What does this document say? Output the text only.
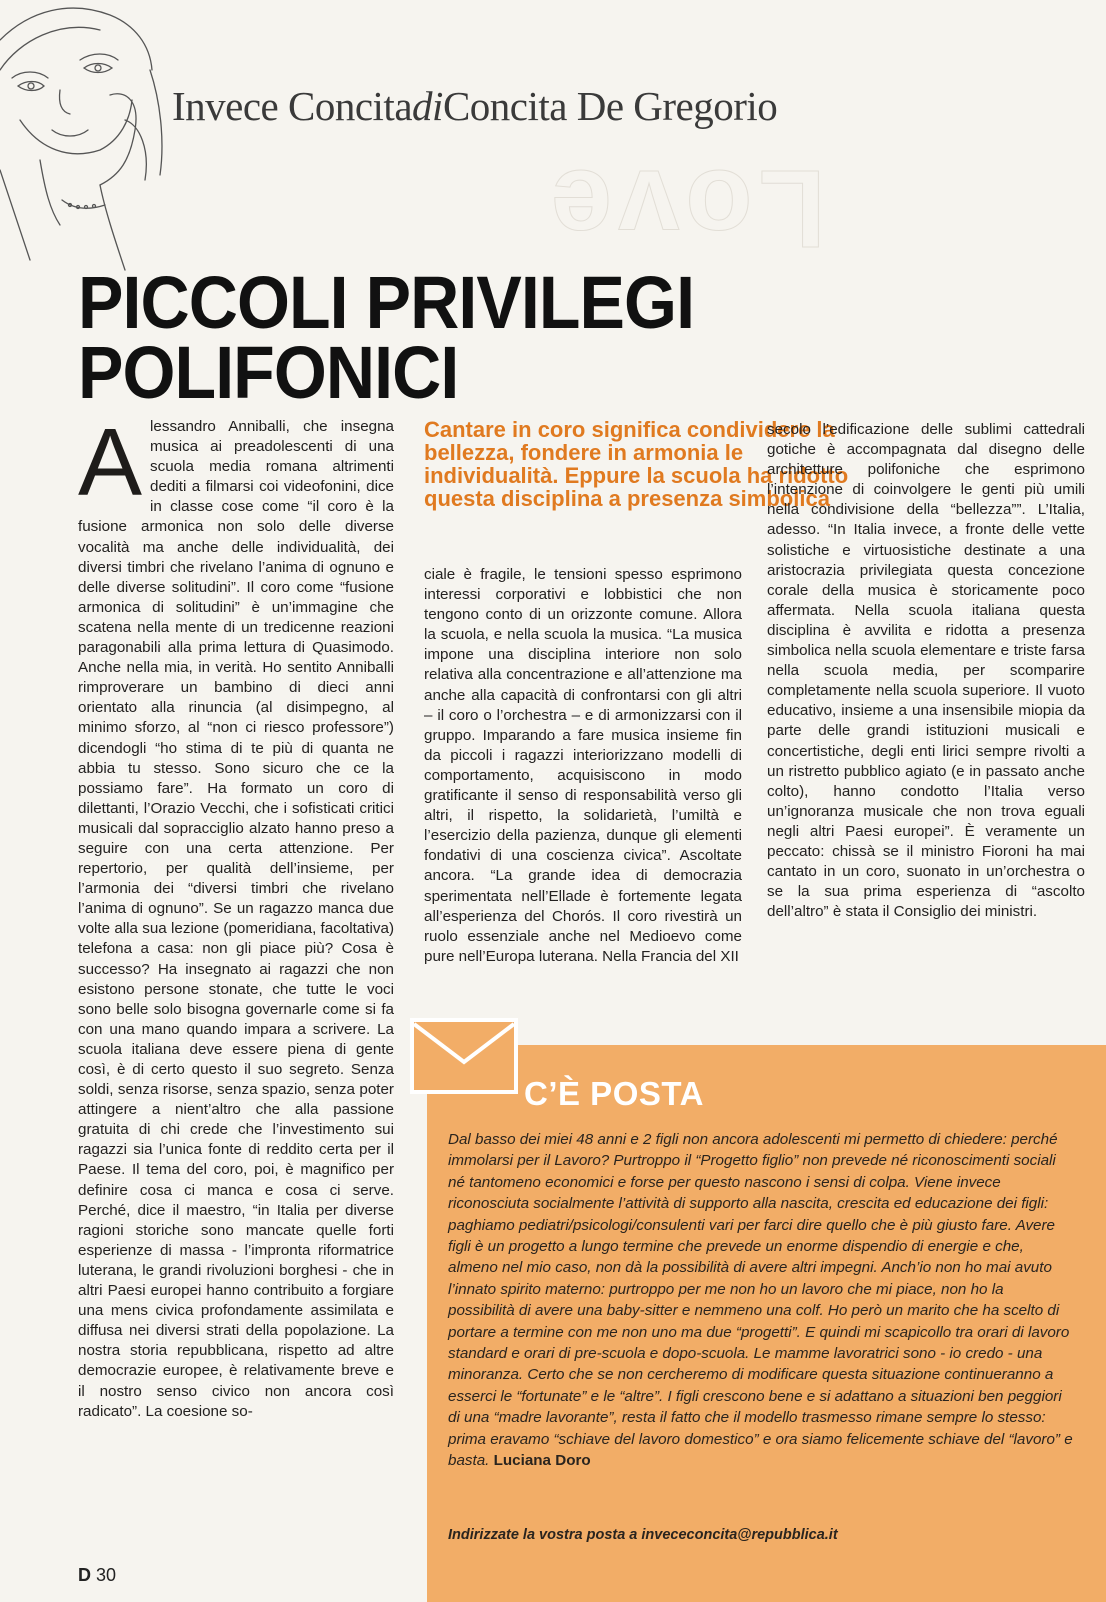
Invece ConcitadiConcita De Gregorio
Love
PICCOLI PRIVILEGI
POLIFONICI
Alessandro Anniballi, che insegna musica ai preadolescenti di una scuola media romana altrimenti dediti a filmarsi coi videofonini, dice in classe cose come “il coro è la fusione armonica non solo delle diverse vocalità ma anche delle individualità, dei diversi timbri che rivelano l’anima di ognuno e delle diverse solitudini”. Il coro come “fusione armonica di solitudini” è un’immagine che scatena nella mente di un tredicenne reazioni paragonabili alla prima lettura di Quasimodo. Anche nella mia, in verità. Ho sentito Anniballi rimproverare un bambino di dieci anni orientato alla rinuncia (al disimpegno, al minimo sforzo, al “non ci riesco professore”) dicendogli “ho stima di te più di quanta ne abbia tu stesso. Sono sicuro che ce la possiamo fare”. Ha formato un coro di dilettanti, l’Orazio Vecchi, che i sofisticati critici musicali dal sopracciglio alzato hanno preso a seguire con una certa attenzione. Per repertorio, per qualità dell’insieme, per l’armonia dei “diversi timbri che rivelano l’anima di ognuno”. Se un ragazzo manca due volte alla sua lezione (pomeridiana, facoltativa) telefona a casa: non gli piace più? Cosa è successo? Ha insegnato ai ragazzi che non esistono persone stonate, che tutte le voci sono belle solo bisogna governarle come si fa con una mano quando impara a scrivere. La scuola italiana deve essere piena di gente così, è di certo questo il suo segreto. Senza soldi, senza risorse, senza spazio, senza poter attingere a nient’altro che alla passione gratuita di chi crede che l’investimento sui ragazzi sia l’unica fonte di reddito certa per il Paese. Il tema del coro, poi, è magnifico per definire cosa ci manca e cosa ci serve. Perché, dice il maestro, “in Italia per diverse ragioni storiche sono mancate quelle forti esperienze di massa - l’impronta riformatrice luterana, le grandi rivoluzioni borghesi - che in altri Paesi europei hanno contribuito a forgiare una mens civica profondamente assimilata e diffusa nei diversi strati della popolazione. La nostra storia repubblicana, rispetto ad altre democrazie europee, è relativamente breve e il nostro senso civico non ancora così radicato”. La coesione so-

Cantare in coro significa condividere la bellezza, fondere in armonia le individualità. Eppure la scuola ha ridotto questa disciplina a presenza simbolica

ciale è fragile, le tensioni spesso esprimono interessi corporativi e lobbistici che non tengono conto di un orizzonte comune. Allora la scuola, e nella scuola la musica. “La musica impone una disciplina interiore non solo relativa alla concentrazione e all’attenzione ma anche alla capacità di confrontarsi con gli altri – il coro o l’orchestra – e di armonizzarsi con il gruppo. Imparando a fare musica insieme fin da piccoli i ragazzi interiorizzano modelli di comportamento, acquisiscono in modo gratificante il senso di responsabilità verso gli altri, il rispetto, la solidarietà, l’umiltà e l’esercizio della pazienza, dunque gli elementi fondativi di una coscienza civica”. Ascoltate ancora. “La grande idea di democrazia sperimentata nell’Ellade è fortemente legata all’esperienza del Chorós. Il coro rivestirà un ruolo essenziale anche nel Medioevo come pure nell’Europa luterana. Nella Francia del XII
secolo l’edificazione delle sublimi cattedrali gotiche è accompagnata dal disegno delle architetture polifoniche che esprimono l’intenzione di coinvolgere le genti più umili nella condivisione della “bellezza””. L’Italia, adesso. “In Italia invece, a fronte delle vette solistiche e virtuosistiche destinate a una aristocrazia privilegiata questa concezione corale della musica è storicamente poco affermata. Nella scuola italiana questa disciplina è avvilita e ridotta a presenza simbolica nella scuola elementare e triste farsa nella scuola media, per scomparire completamente nella scuola superiore. Il vuoto educativo, insieme a una insensibile miopia da parte delle grandi istituzioni musicali e concertistiche, degli enti lirici sempre rivolti a un ristretto pubblico agiato (e in passato anche colto), hanno condotto l’Italia verso un’ignoranza musicale che non trova eguali negli altri Paesi europei”. È veramente un peccato: chissà se il ministro Fioroni ha mai cantato in un coro, suonato in un’orchestra o se la sua prima esperienza di “ascolto dell’altro” è stata il Consiglio dei ministri.
C’È POSTA

Dal basso dei miei 48 anni e 2 figli non ancora adolescenti mi permetto di chiedere: perché immolarsi per il Lavoro? Purtroppo il “Progetto figlio” non prevede né riconoscimenti sociali né tantomeno economici e forse per questo nascono i sensi di colpa. Viene invece riconosciuta socialmente l’attività di supporto alla nascita, crescita ed educazione dei figli: paghiamo pediatri/psicologi/consulenti vari per farci dire quello che è più giusto fare. Avere figli è un progetto a lungo termine che prevede un enorme dispendio di energie e che, almeno nel mio caso, non dà la possibilità di avere altri impegni. Anch’io non ho mai avuto l’innato spirito materno: purtroppo per me non ho un lavoro che mi piace, non ho la possibilità di avere una baby-sitter e nemmeno una colf. Ho però un marito che ha scelto di portare a termine con me non uno ma due “progetti”. E quindi mi scapicollo tra orari di lavoro standard e orari di pre-scuola e dopo-scuola. Le mamme lavoratrici sono - io credo - una minoranza. Certo che se non cercheremo di modificare questa situazione continueranno a esserci le “fortunate” e le “altre”. I figli crescono bene e si adattano a situazioni ben peggiori di una “madre lavorante”, resta il fatto che il modello trasmesso rimane sempre lo stesso: prima eravamo “schiave del lavoro domestico” e ora siamo felicemente schiave del “lavoro” e basta. Luciana Doro

Indirizzate la vostra posta a invececoncita@repubblica.it

D 30
